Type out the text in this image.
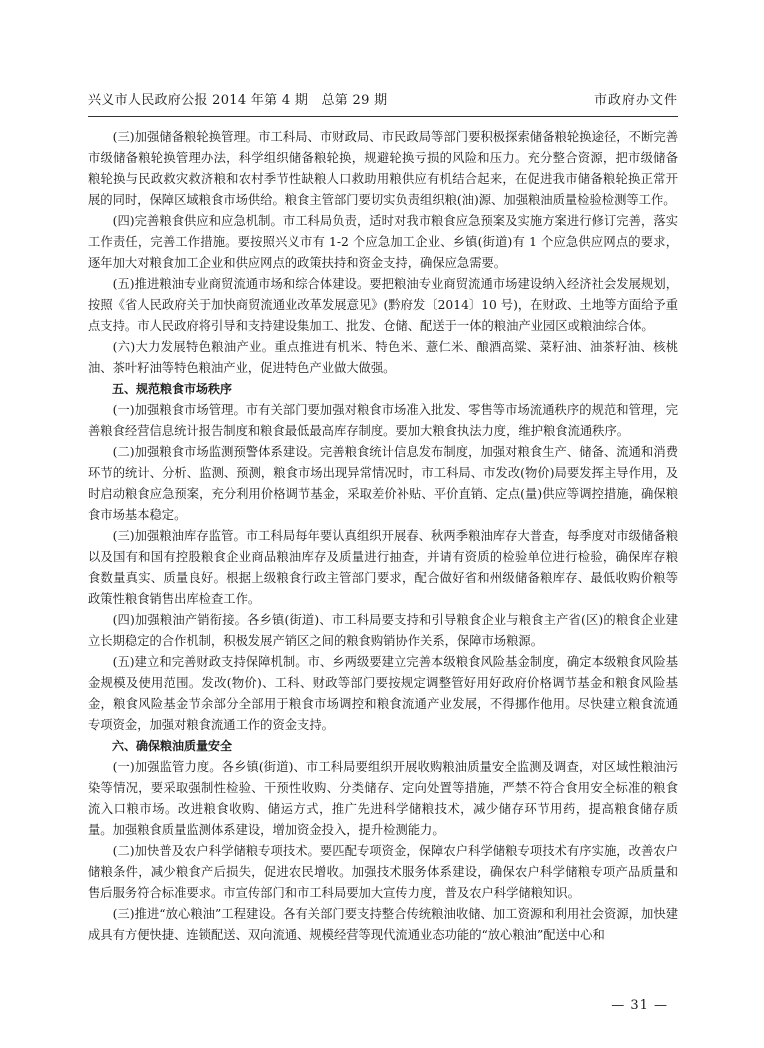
兴义市人民政府公报 2014 年第 4 期　总第 29 期	市政府办文件

(三)加强储备粮轮换管理。市工科局、市财政局、市民政局等部门要积极探索储备粮轮换途径，不断完善市级储备粮轮换管理办法，科学组织储备粮轮换，规避轮换亏损的风险和压力。充分整合资源，把市级储备粮轮换与民政救灾救济粮和农村季节性缺粮人口救助用粮供应有机结合起来，在促进我市储备粮轮换正常开展的同时，保障区域粮食市场供给。粮食主管部门要切实负责组织粮(油)源、加强粮油质量检验检测等工作。

(四)完善粮食供应和应急机制。市工科局负责，适时对我市粮食应急预案及实施方案进行修订完善，落实工作责任，完善工作措施。要按照兴义市有 1-2 个应急加工企业、乡镇(街道)有 1 个应急供应网点的要求，逐年加大对粮食加工企业和供应网点的政策扶持和资金支持，确保应急需要。

(五)推进粮油专业商贸流通市场和综合体建设。要把粮油专业商贸流通市场建设纳入经济社会发展规划，按照《省人民政府关于加快商贸流通业改革发展意见》(黔府发〔2014〕10 号)，在财政、土地等方面给予重点支持。市人民政府将引导和支持建设集加工、批发、仓储、配送于一体的粮油产业园区或粮油综合体。

(六)大力发展特色粮油产业。重点推进有机米、特色米、薏仁米、酿酒高粱、菜籽油、油茶籽油、核桃油、茶叶籽油等特色粮油产业，促进特色产业做大做强。

五、规范粮食市场秩序

(一)加强粮食市场管理。市有关部门要加强对粮食市场准入批发、零售等市场流通秩序的规范和管理，完善粮食经营信息统计报告制度和粮食最低最高库存制度。要加大粮食执法力度，维护粮食流通秩序。

(二)加强粮食市场监测预警体系建设。完善粮食统计信息发布制度，加强对粮食生产、储备、流通和消费环节的统计、分析、监测、预测，粮食市场出现异常情况时，市工科局、市发改(物价)局要发挥主导作用，及时启动粮食应急预案，充分利用价格调节基金，采取差价补贴、平价直销、定点(量)供应等调控措施，确保粮食市场基本稳定。

(三)加强粮油库存监管。市工科局每年要认真组织开展春、秋两季粮油库存大普查，每季度对市级储备粮以及国有和国有控股粮食企业商品粮油库存及质量进行抽查，并请有资质的检验单位进行检验，确保库存粮食数量真实、质量良好。根据上级粮食行政主管部门要求，配合做好省和州级储备粮库存、最低收购价粮等政策性粮食销售出库检查工作。

(四)加强粮油产销衔接。各乡镇(街道)、市工科局要支持和引导粮食企业与粮食主产省(区)的粮食企业建立长期稳定的合作机制，积极发展产销区之间的粮食购销协作关系，保障市场粮源。

(五)建立和完善财政支持保障机制。市、乡两级要建立完善本级粮食风险基金制度，确定本级粮食风险基金规模及使用范围。发改(物价)、工科、财政等部门要按规定调整管好用好政府价格调节基金和粮食风险基金，粮食风险基金节余部分全部用于粮食市场调控和粮食流通产业发展，不得挪作他用。尽快建立粮食流通专项资金，加强对粮食流通工作的资金支持。

六、确保粮油质量安全

(一)加强监管力度。各乡镇(街道)、市工科局要组织开展收购粮油质量安全监测及调查，对区域性粮油污染等情况，要采取强制性检验、干预性收购、分类储存、定向处置等措施，严禁不符合食用安全标准的粮食流入口粮市场。改进粮食收购、储运方式，推广先进科学储粮技术，减少储存环节用药，提高粮食储存质量。加强粮食质量监测体系建设，增加资金投入，提升检测能力。

(二)加快普及农户科学储粮专项技术。要匹配专项资金，保障农户科学储粮专项技术有序实施，改善农户储粮条件，减少粮食产后损失，促进农民增收。加强技术服务体系建设，确保农户科学储粮专项产品质量和售后服务符合标准要求。市宣传部门和市工科局要加大宣传力度，普及农户科学储粮知识。

(三)推进“放心粮油”工程建设。各有关部门要支持整合传统粮油收储、加工资源和利用社会资源，加快建成具有方便快捷、连锁配送、双向流通、规模经营等现代流通业态功能的“放心粮油”配送中心和

— 31 —
